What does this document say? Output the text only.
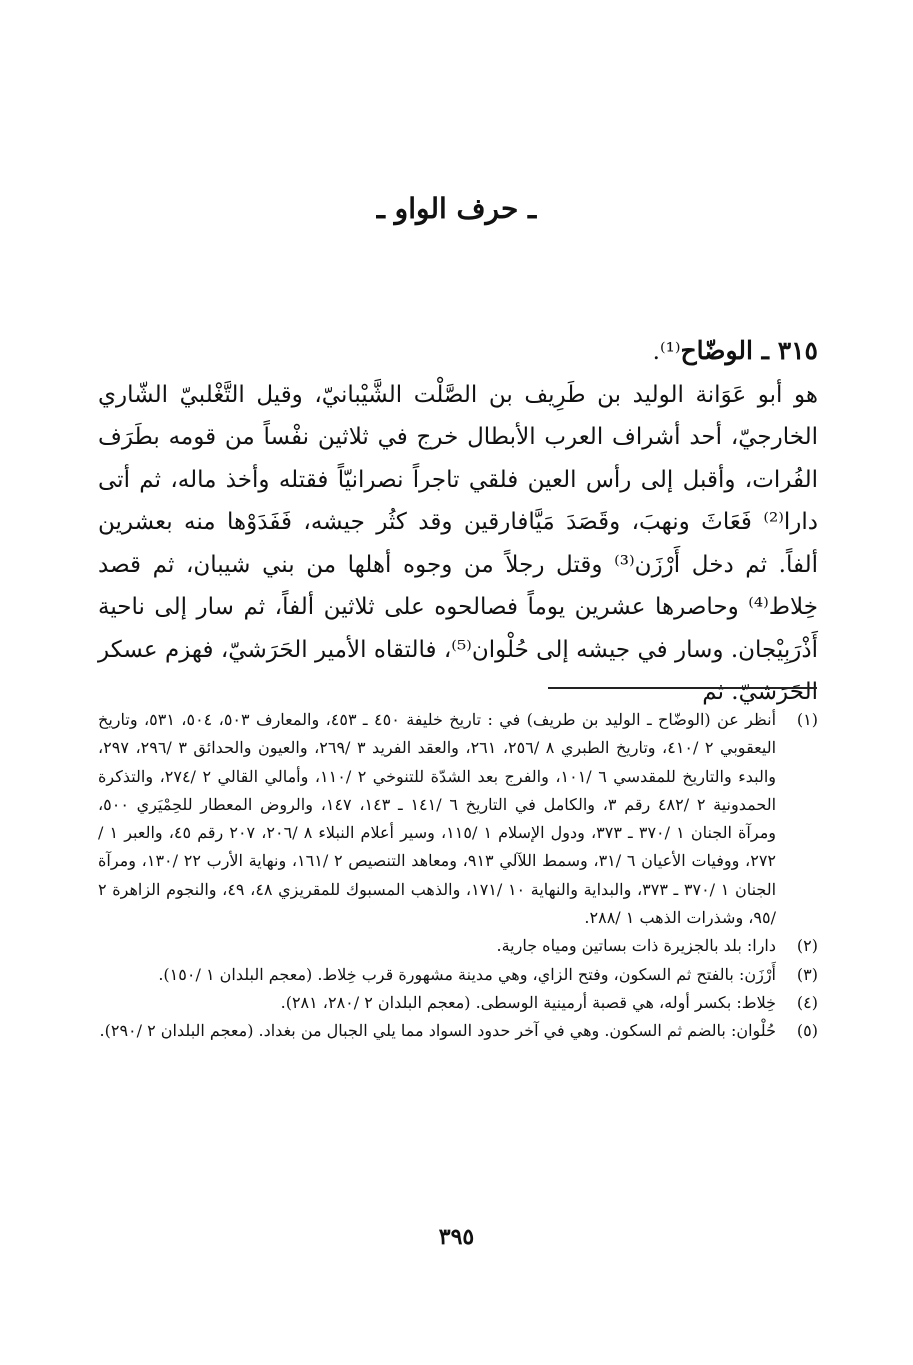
ـ حرف الواو ـ

٣١٥ ـ الوضّاح⁽¹⁾.
هو أبو عَوَانة الوليد بن طَرِيف بن الصَّلْت الشَّيْبانيّ، وقيل التَّغْلبيّ الشّاري الخارجيّ، أحد أشراف العرب الأبطال خرج في ثلاثين نفْساً من قومه بطَرَف الفُرات، وأقبل إلى رأس العين فلقي تاجراً نصرانيّاً فقتله وأخذ ماله، ثم أتى دارا⁽²⁾ فَعَاثَ ونهبَ، وقَصَدَ مَيَّافارقين وقد كثُر جيشه، فَفَدَوْها منه بعشرين ألفاً. ثم دخل أَرْزَن⁽³⁾ وقتل رجلاً من وجوه أهلها من بني شيبان، ثم قصد خِلاط⁽⁴⁾ وحاصرها عشرين يوماً فصالحوه على ثلاثين ألفاً، ثم سار إلى ناحية أَذْرَبِيْجان. وسار في جيشه إلى حُلْوان⁽⁵⁾، فالتقاه الأمير الحَرَشيّ، فهزم عسكر الحَرَشيّ. ثم

(١)
أنظر عن (الوضّاح ـ الوليد بن طريف) في : تاريخ خليفة ٤٥٠ ـ ٤٥٣، والمعارف ٥٠٣، ٥٠٤، ٥٣١، وتاريخ اليعقوبي ٢ /٤١٠، وتاريخ الطبري ٨ /٢٥٦، ٢٦١، والعقد الفريد ٣ /٢٦٩، والعيون والحدائق ٣ /٢٩٦، ٢٩٧، والبدء والتاريخ للمقدسي ٦ /١٠١، والفرج بعد الشدّة للتنوخي ٢ /١١٠، وأمالي القالي ٢ /٢٧٤، والتذكرة الحمدونية ٢ /٤٨٢ رقم ٣، والكامل في التاريخ ٦ /١٤١ ـ ١٤٣، ١٤٧، والروض المعطار للحِمْيَري ٥٠٠، ومرآة الجنان ١ /٣٧٠ ـ ٣٧٣، ودول الإسلام ١ /١١٥، وسير أعلام النبلاء ٨ /٢٠٦، ٢٠٧ رقم ٤٥، والعبر ١ /٢٧٢، ووفيات الأعيان ٦ /٣١، وسمط اللآلي ٩١٣، ومعاهد التنصيص ٢ /١٦١، ونهاية الأرب ٢٢ /١٣٠، ومرآة الجنان ١ /٣٧٠ ـ ٣٧٣، والبداية والنهاية ١٠ /١٧١، والذهب المسبوك للمقريزي ٤٨، ٤٩، والنجوم الزاهرة ٢ /٩٥، وشذرات الذهب ١ /٢٨٨.

(٢)
دارا: بلد بالجزيرة ذات بساتين ومياه جارية.

(٣)
أَرْزَن: بالفتح ثم السكون، وفتح الزاي، وهي مدينة مشهورة قرب خِلاط. (معجم البلدان ١ /١٥٠).

(٤)
خِلاط: بكسر أوله، هي قصبة أرمينية الوسطى. (معجم البلدان ٢ /٢٨٠، ٢٨١).

(٥)
حُلْوان: بالضم ثم السكون. وهي في آخر حدود السواد مما يلي الجبال من بغداد. (معجم البلدان ٢ /٢٩٠).

٣٩٥
